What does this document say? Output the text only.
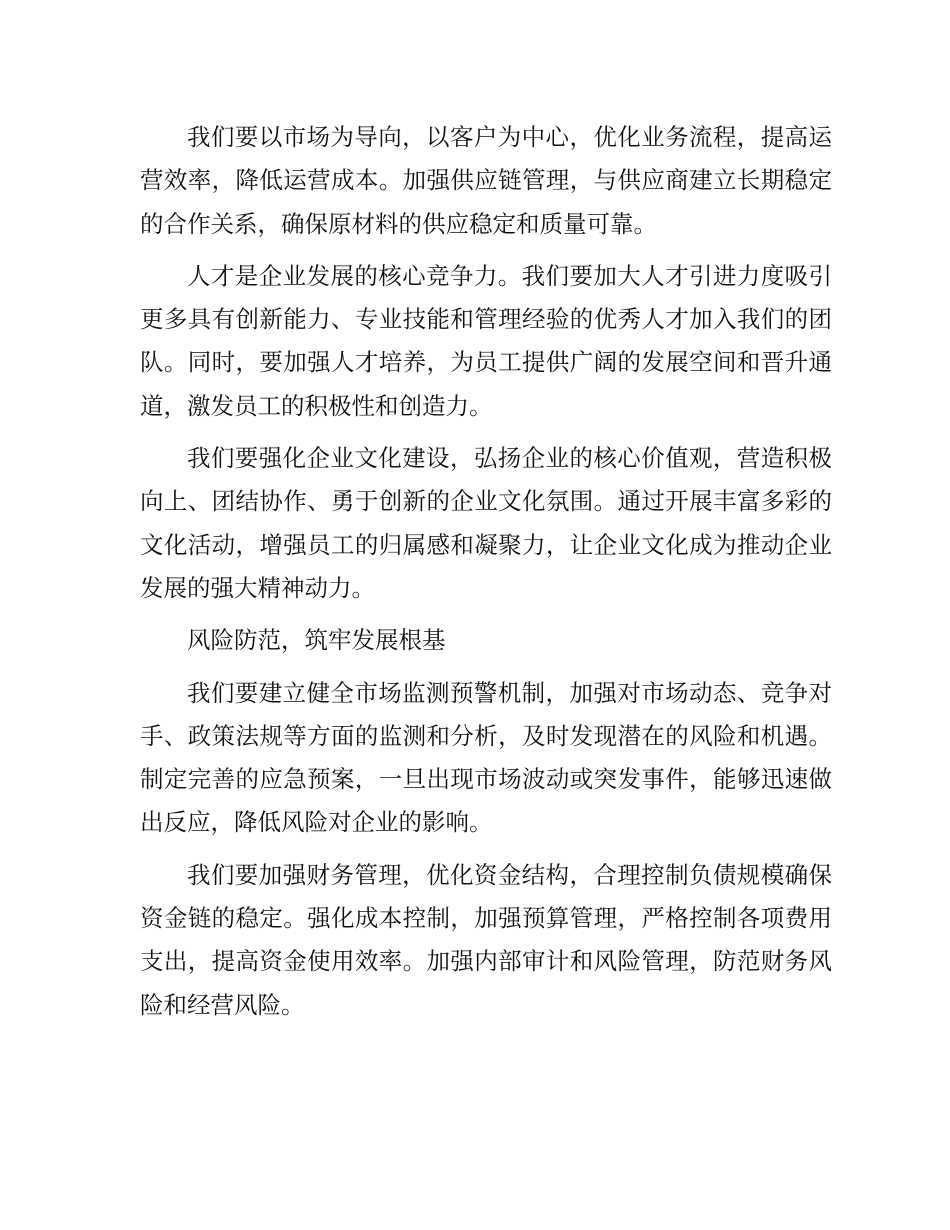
我们要以市场为导向，以客户为中心，优化业务流程，提高运营效率，降低运营成本。加强供应链管理，与供应商建立长期稳定的合作关系，确保原材料的供应稳定和质量可靠。

人才是企业发展的核心竞争力。我们要加大人才引进力度吸引更多具有创新能力、专业技能和管理经验的优秀人才加入我们的团队。同时，要加强人才培养，为员工提供广阔的发展空间和晋升通道，激发员工的积极性和创造力。

我们要强化企业文化建设，弘扬企业的核心价值观，营造积极向上、团结协作、勇于创新的企业文化氛围。通过开展丰富多彩的文化活动，增强员工的归属感和凝聚力，让企业文化成为推动企业发展的强大精神动力。

风险防范，筑牢发展根基

我们要建立健全市场监测预警机制，加强对市场动态、竞争对手、政策法规等方面的监测和分析，及时发现潜在的风险和机遇。制定完善的应急预案，一旦出现市场波动或突发事件，能够迅速做出反应，降低风险对企业的影响。

我们要加强财务管理，优化资金结构，合理控制负债规模确保资金链的稳定。强化成本控制，加强预算管理，严格控制各项费用支出，提高资金使用效率。加强内部审计和风险管理，防范财务风险和经营风险。
